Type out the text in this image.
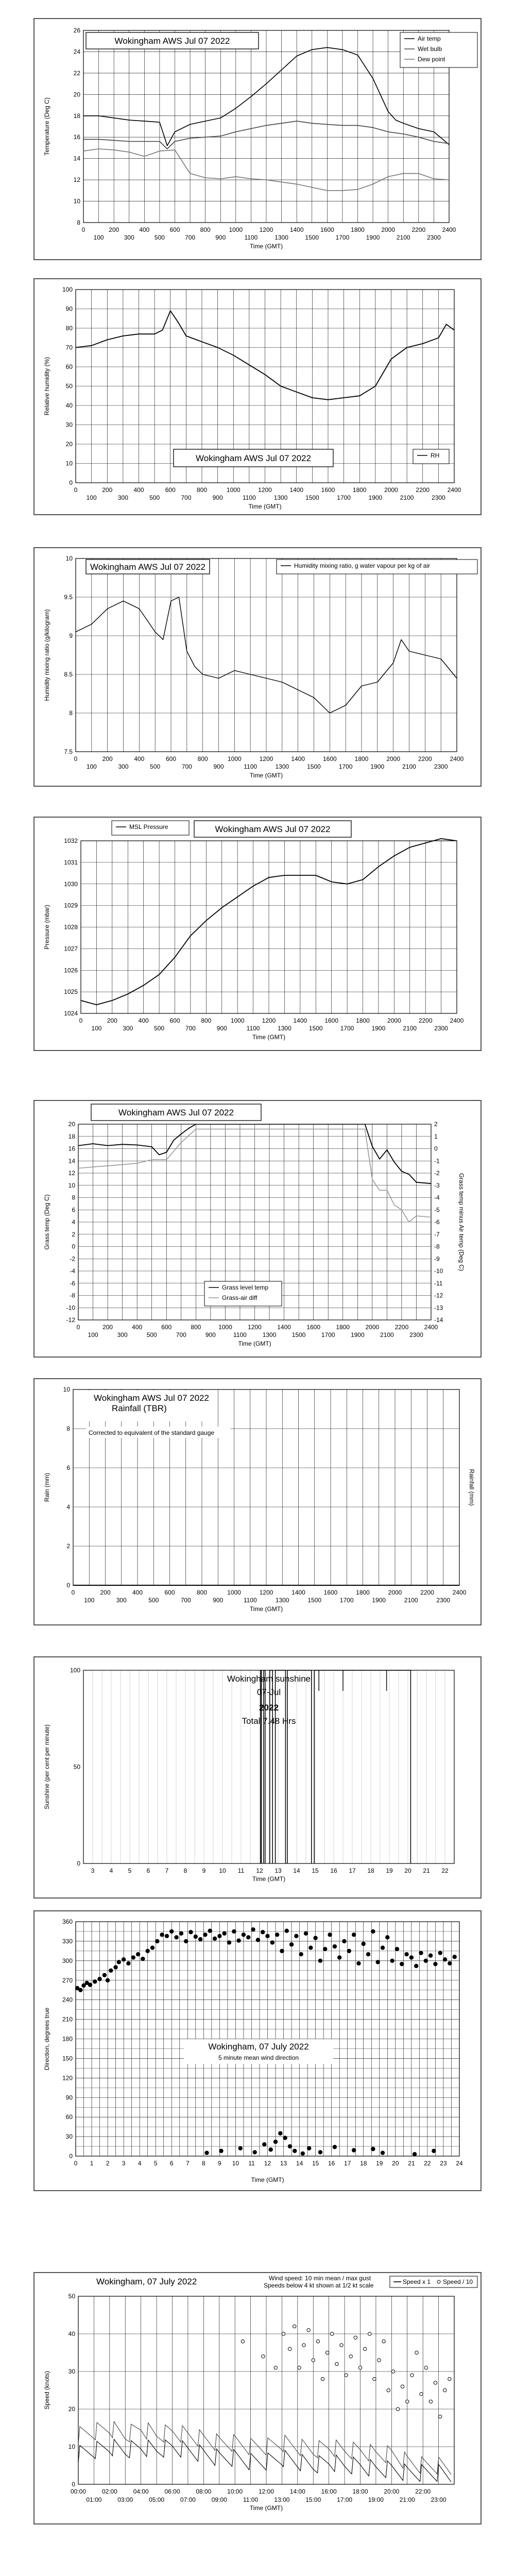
0	200	400	600	800	1000	1200	1400	1600	1800	2000	2200	2400
100	300	500	700	900	1100	1300	1500	1700	1900	2100	2300
8
10
12
14
16
18
20
22
24
26
Temperature (Deg C)
Time (GMT)
Wokingham AWS Jul 07 2022	Air temp
Wet bulb
Dew point
0	200	400	600	800	1000	1200	1400	1600	1800	2000	2200	2400
100	300	500	700	900	1100	1300	1500	1700	1900	2100	2300
0
10
20
30
40
50
60
70
80
90
100
Relative humidity (%)
Time (GMT)
Wokingham AWS Jul 07 2022	RH
0	200	400	600	800	1000	1200	1400	1600	1800	2000	2200	2400
100	300	500	700	900	1100	1300	1500	1700	1900	2100	2300
7.5
8
8.5
9
9.5
10
Humidity mixing ratio (g/kilogram)
Time (GMT)
Wokingham AWS Jul 07 2022	Humidity mixing ratio, g water vapour per kg of air
0	200	400	600	800	1000	1200	1400	1600	1800	2000	2200	2400
100	300	500	700	900	1100	1300	1500	1700	1900	2100	2300
1024
1025
1026
1027
1028
1029
1030
1031
1032
Pressure (mbar)
Time (GMT)
MSL Pressure	Wokingham AWS Jul 07 2022
0	200	400	600	800	1000	1200	1400	1600	1800	2000	2200	2400
100	300	500	700	900	1100	1300	1500	1700	1900	2100	2300
-12
-10
-8
-6
-4
-2
0
2
4
6
8
10
12
14
16
18
20
Grass temp (Deg C)
Time (GMT)
-14
-13
-12
-11
-10
-9
-8
-7
-6
-5
-4
-3
-2
-1
0
1
2
Grass temp minus Air temp (Deg C)
Wokingham AWS Jul 07 2022
Grass level temp
Grass-air diff
0	200	400	600	800	1000	1200	1400	1600	1800	2000	2200	2400
100	300	500	700	900	1100	1300	1500	1700	1900	2100	2300
0
2
4
6
8
10
Rain (mm)
Time (GMT)
Rainfall (mm)
Wokingham AWS Jul 07 2022
Rainfall (TBR)
Corrected to equivalent of the standard gauge
0
50
100
3 4 5 6 7 8 9 10 11 12 13 14 15 16 17 18 19 20 21 22
Sunshine (per cent per minute)
Time (GMT)
Wokingham sunshine
07-Jul
2022
Total 7.48 Hrs
0
30
60
90
120
150
180
210
240
270
300
330
360
Direction, degrees true
Time (GMT)
0 1 2 3 4 5 6 7 8 9 10 11 12 13 14 15 16 17 18 19 20 21 22 23 24
Wokingham, 07 July 2022
5 minute mean wind direction
0
10
20
30
40
50
Speed (knots)
Time (GMT)
00:00
01:00
02:00
03:00
04:00
05:00
06:00
07:00
08:00
09:00
10:00
11:00
12:00
13:00
14:00
15:00
16:00
17:00
18:00
19:00
20:00
21:00
22:00
23:00
Wokingham, 07 July 2022	Wind speed: 10 min mean / max gust
Speeds below 4 kt shown at 1/2 kt scale	Speed x 1 Speed / 10
